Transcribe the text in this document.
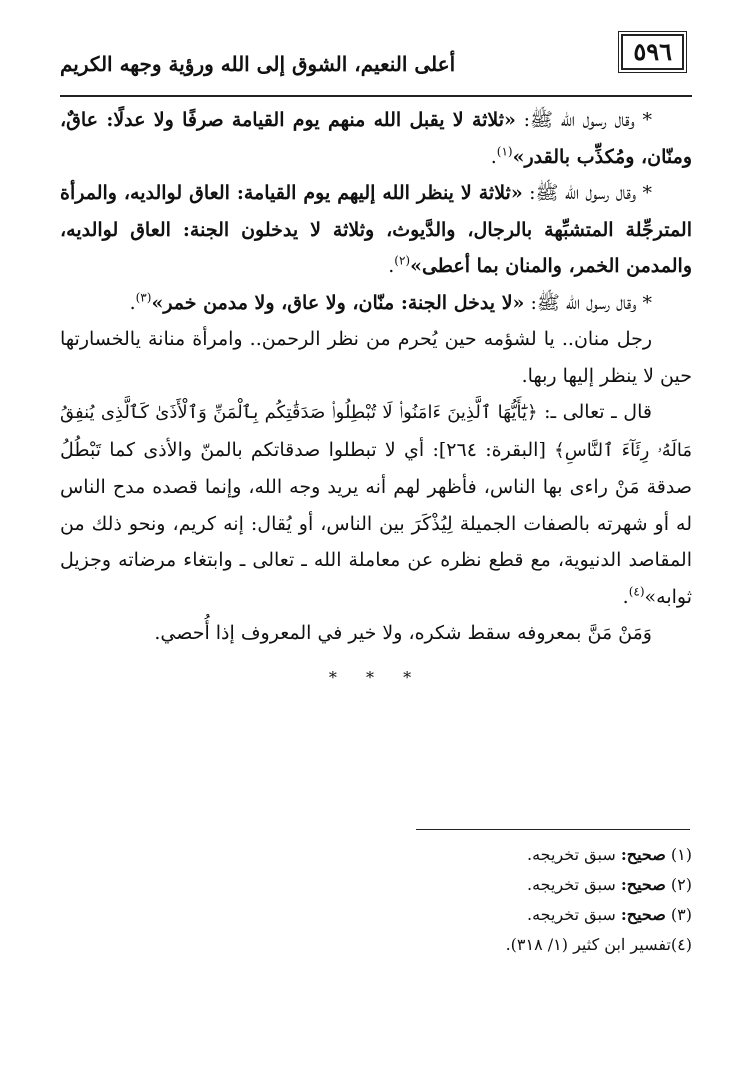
٥٩٦
أعلى النعيم، الشوق إلى الله ورؤية وجهه الكريم

* وقال رسول الله ﷺ: «ثلاثة لا يقبل الله منهم يوم القيامة صرفًا ولا عدلًا: عاقٌ، ومنّان، ومُكذِّب بالقدر»$^{(١)}$.

* وقال رسول الله ﷺ: «ثلاثة لا ينظر الله إليهم يوم القيامة: العاق لوالديه، والمرأة المترجِّلة المتشبِّهة بالرجال، والدَّيوث، وثلاثة لا يدخلون الجنة: العاق لوالديه، والمدمن الخمر، والمنان بما أعطى»$^{(٢)}$.

* وقال رسول الله ﷺ: «لا يدخل الجنة: منّان، ولا عاق، ولا مدمن خمر»$^{(٣)}$.

رجل منان.. يا لشؤمه حين يُحرم من نظر الرحمن.. وامرأة منانة يالخسارتها حين لا ينظر إليها ربها.

قال ـ تعالى ـ: ﴿يَٰٓأَيُّهَا ٱلَّذِينَ ءَامَنُوا۟ لَا تُبْطِلُوا۟ صَدَقَٰتِكُم بِٱلْمَنِّ وَٱلْأَذَىٰ كَٱلَّذِى يُنفِقُ مَالَهُۥ رِئَآءَ ٱلنَّاسِ﴾ [البقرة: ٢٦٤]: أي لا تبطلوا صدقاتكم بالمنّ والأذى كما تَبْطُلُ صدقة مَنْ راءى بها الناس، فأظهر لهم أنه يريد وجه الله، وإنما قصده مدح الناس له أو شهرته بالصفات الجميلة لِيُذْكَرَ بين الناس، أو يُقال: إنه كريم، ونحو ذلك من المقاصد الدنيوية، مع قطع نظره عن معاملة الله ـ تعالى ـ وابتغاء مرضاته وجزيل ثوابه»$^{(٤)}$.

وَمَنْ مَنَّ بمعروفه سقط شكره، ولا خير في المعروف إذا أُحصي.

* * *

(١) صحيح: سبق تخريجه.

(٢) صحيح: سبق تخريجه.

(٣) صحيح: سبق تخريجه.

(٤)تفسير ابن كثير (١/ ٣١٨).
